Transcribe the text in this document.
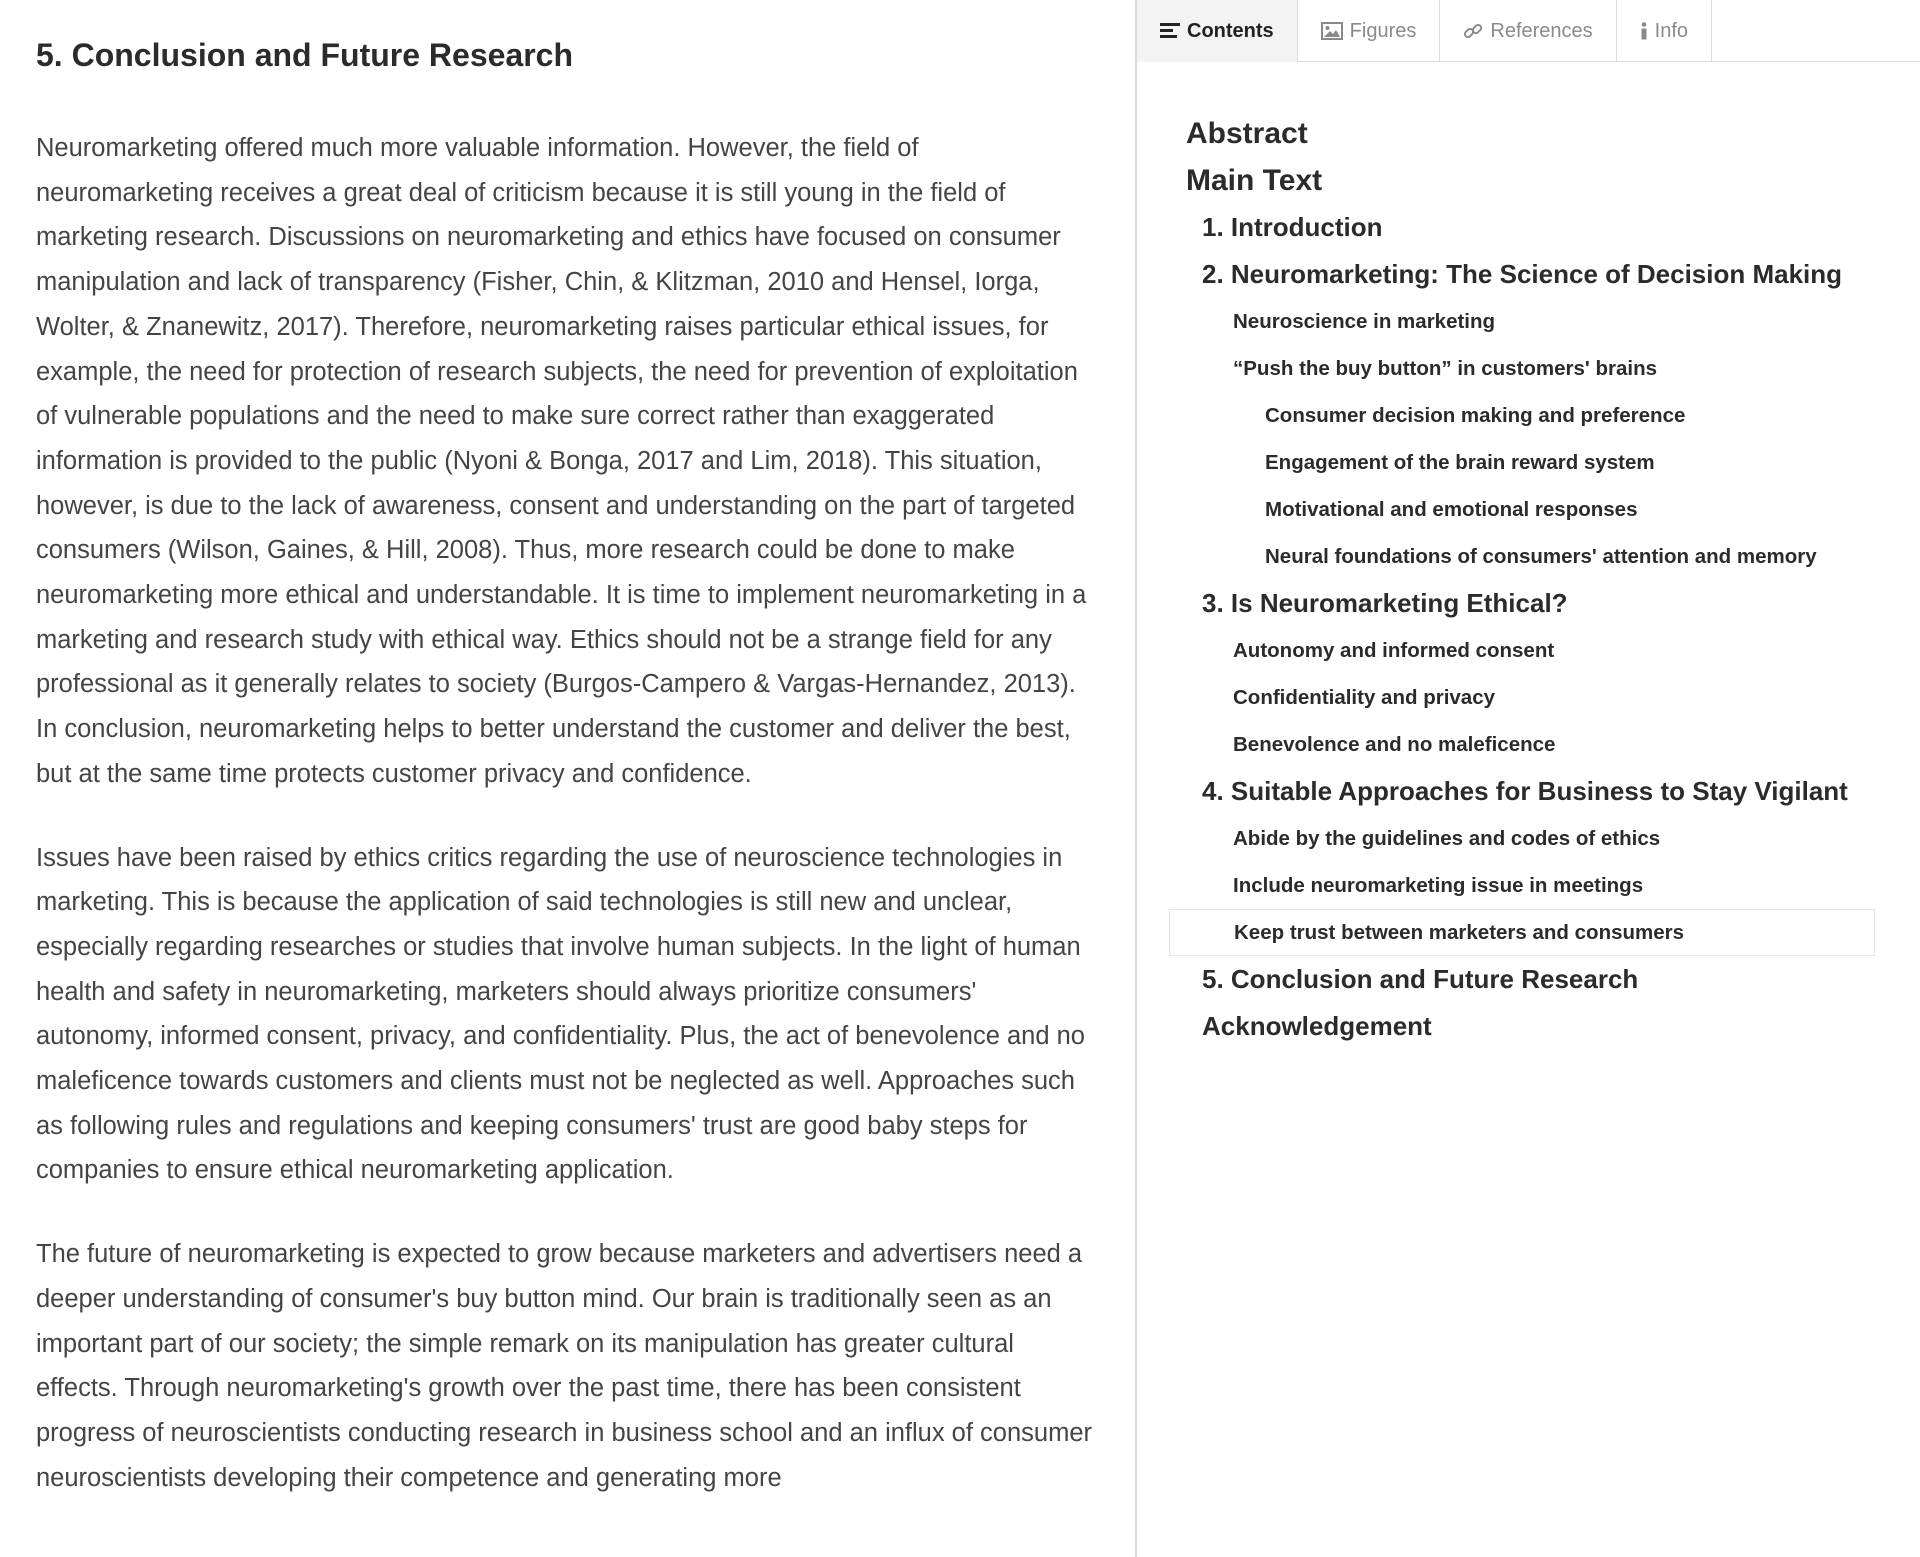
5. Conclusion and Future Research

Neuromarketing offered much more valuable information. However, the field of neuromarketing receives a great deal of criticism because it is still young in the field of marketing research. Discussions on neuromarketing and ethics have focused on consumer manipulation and lack of transparency (Fisher, Chin, & Klitzman, 2010 and Hensel, Iorga, Wolter, & Znanewitz, 2017). Therefore, neuromarketing raises particular ethical issues, for example, the need for protection of research subjects, the need for prevention of exploitation of vulnerable populations and the need to make sure correct rather than exaggerated information is provided to the public (Nyoni & Bonga, 2017 and Lim, 2018). This situation, however, is due to the lack of awareness, consent and understanding on the part of targeted consumers (Wilson, Gaines, & Hill, 2008). Thus, more research could be done to make neuromarketing more ethical and understandable. It is time to implement neuromarketing in a marketing and research study with ethical way. Ethics should not be a strange field for any professional as it generally relates to society (Burgos-Campero & Vargas-Hernandez, 2013). In conclusion, neuromarketing helps to better understand the customer and deliver the best, but at the same time protects customer privacy and confidence.

Issues have been raised by ethics critics regarding the use of neuroscience technologies in marketing. This is because the application of said technologies is still new and unclear, especially regarding researches or studies that involve human subjects. In the light of human health and safety in neuromarketing, marketers should always prioritize consumers' autonomy, informed consent, privacy, and confidentiality. Plus, the act of benevolence and no maleficence towards customers and clients must not be neglected as well. Approaches such as following rules and regulations and keeping consumers' trust are good baby steps for companies to ensure ethical neuromarketing application.

The future of neuromarketing is expected to grow because marketers and advertisers need a deeper understanding of consumer's buy button mind. Our brain is traditionally seen as an important part of our society; the simple remark on its manipulation has greater cultural effects. Through neuromarketing's growth over the past time, there has been consistent progress of neuroscientists conducting research in business school and an influx of consumer neuroscientists developing their competence and generating more

Contents	Figures	References	Info
Abstract
Main Text
1. Introduction
2. Neuromarketing: The Science of Decision Making
Neuroscience in marketing
“Push the buy button” in customers' brains
Consumer decision making and preference
Engagement of the brain reward system
Motivational and emotional responses
Neural foundations of consumers' attention and memory
3. Is Neuromarketing Ethical?
Autonomy and informed consent
Confidentiality and privacy
Benevolence and no maleficence
4. Suitable Approaches for Business to Stay Vigilant
Abide by the guidelines and codes of ethics
Include neuromarketing issue in meetings
Keep trust between marketers and consumers
5. Conclusion and Future Research
Acknowledgement
